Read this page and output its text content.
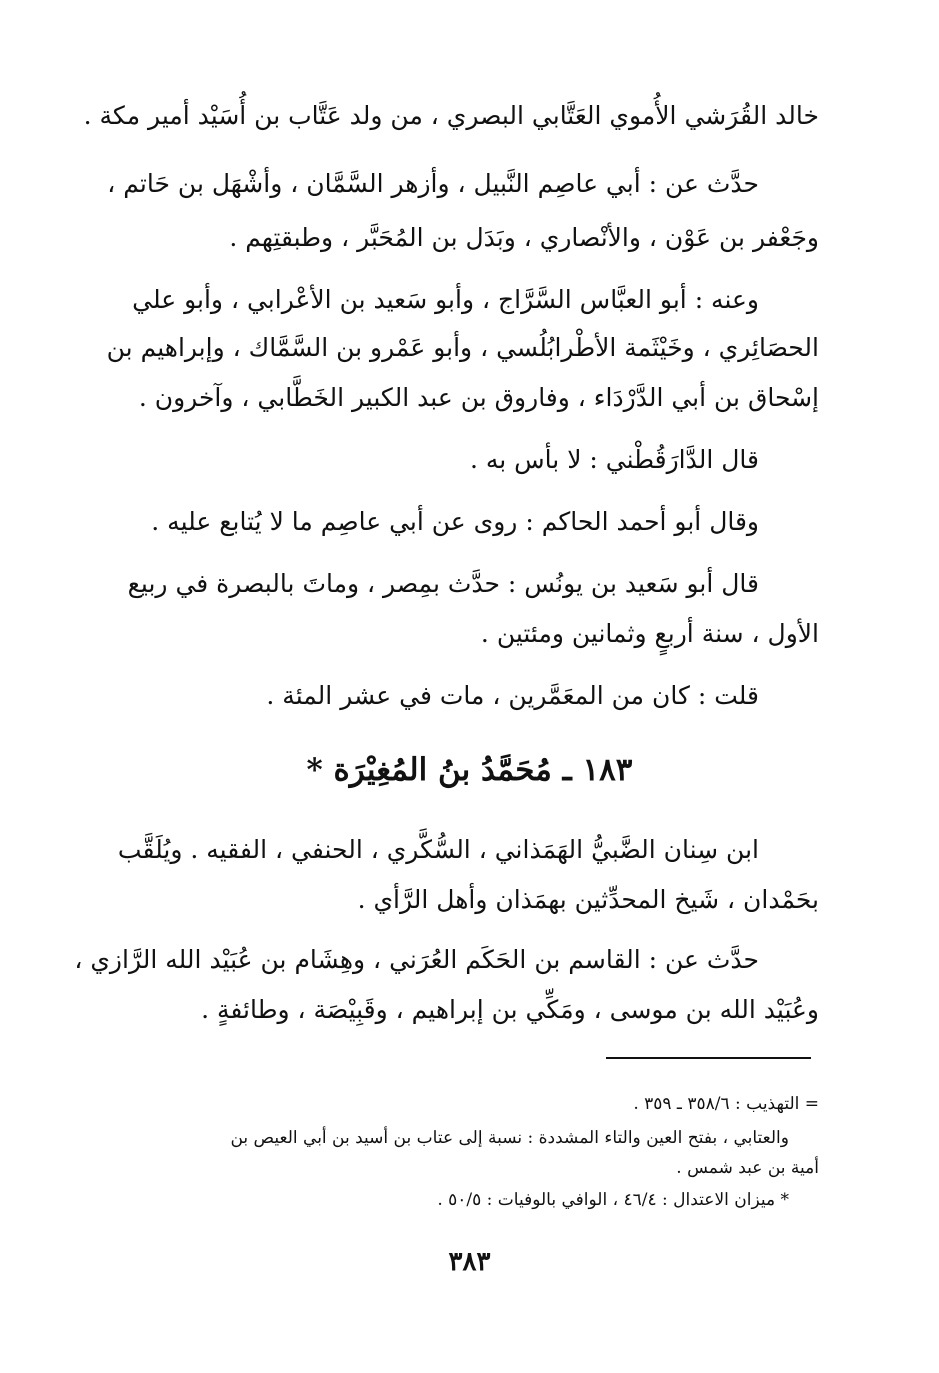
خالد القُرَشي الأُموي العَتَّابي البصري ، من ولد عَتَّاب بن أُسَيْد أمير مكة .
حدَّث عن : أبي عاصِم النَّبيل ، وأزهر السَّمَّان ، وأشْهَل بن حَاتم ،
وجَعْفر بن عَوْن ، والأنْصاري ، وبَدَل بن المُحَبَّر ، وطبقتِهم .
وعنه : أبو العبَّاس السَّرَّاج ، وأبو سَعيد بن الأعْرابي ، وأبو علي
الحصَائِري ، وخَيْثَمة الأطْرابُلُسي ، وأبو عَمْرو بن السَّمَّاك ، وإبراهيم بن
إسْحاق بن أبي الدَّرْدَاء ، وفاروق بن عبد الكبير الخَطَّابي ، وآخرون .
قال الدَّارَقُطْني : لا بأس به .
وقال أبو أحمد الحاكم : روى عن أبي عاصِم ما لا يُتابع عليه .
قال أبو سَعيد بن يونُس : حدَّث بمِصر ، وماتَ بالبصرة في ربيع
الأول ، سنة أربعٍ وثمانين ومئتين .
قلت : كان من المعَمَّرين ، مات في عشر المئة .
١٨٣ ـ مُحَمَّدُ بنُ المُغِيْرَة *
ابن سِنان الضَّبيُّ الهَمَذاني ، السُّكَّري ، الحنفي ، الفقيه . ويُلَقَّب
بحَمْدان ، شَيخ المحدِّثين بهمَذان وأهل الرَّأي .
حدَّث عن : القاسم بن الحَكَم العُرَني ، وهِشَام بن عُبَيْد الله الرَّازي ،
وعُبَيْد الله بن موسى ، ومَكِّي بن إبراهيم ، وقَبِيْصَة ، وطائفةٍ .
= التهذيب : ٣٥٨/٦ ـ ٣٥٩ .
والعتابي ، بفتح العين والتاء المشددة : نسبة إلى عتاب بن أسيد بن أبي العيص بن
أمية بن عبد شمس .
* ميزان الاعتدال : ٤٦/٤ ، الوافي بالوفيات : ٥٠/٥ .
٣٨٣
